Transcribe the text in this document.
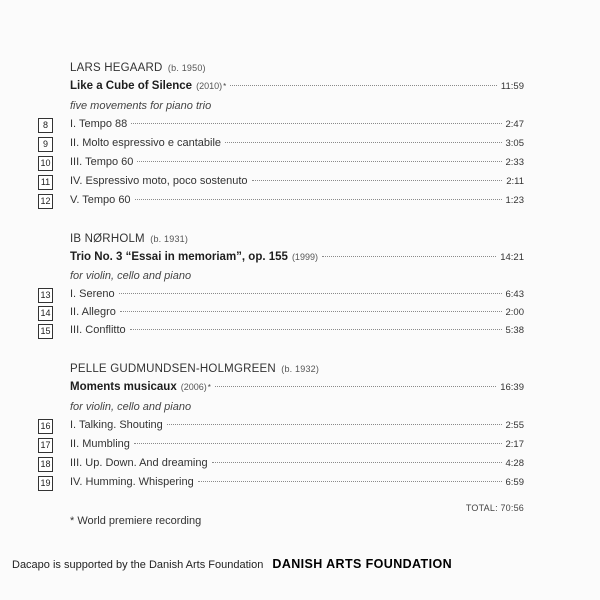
LARS HEGAARD (b. 1950)
Like a Cube of Silence (2010) *	11:59
five movements for piano trio
8	I. Tempo 88	2:47
9	II. Molto espressivo e cantabile	3:05
10 III. Tempo 60	2:33
11 IV. Espressivo moto, poco sostenuto	2:11
12 V. Tempo 60	1:23
IB NØRHOLM (b. 1931)
Trio No. 3 “Essai in memoriam”, op. 155 (1999)	14:21
for violin, cello and piano
13 I. Sereno	6:43
14 II. Allegro	2:00
15 III. Conflitto	5:38
PELLE GUDMUNDSEN-HOLMGREEN (b. 1932)
Moments musicaux (2006) *	16:39
for violin, cello and piano
16 I. Talking. Shouting	2:55
17 II. Mumbling	2:17
18 III. Up. Down. And dreaming	4:28
19 IV. Humming. Whispering	6:59
TOTAL: 70:56
* World premiere recording
Dacapo is supported by the Danish Arts Foundation DANISH ARTS FOUNDATION
